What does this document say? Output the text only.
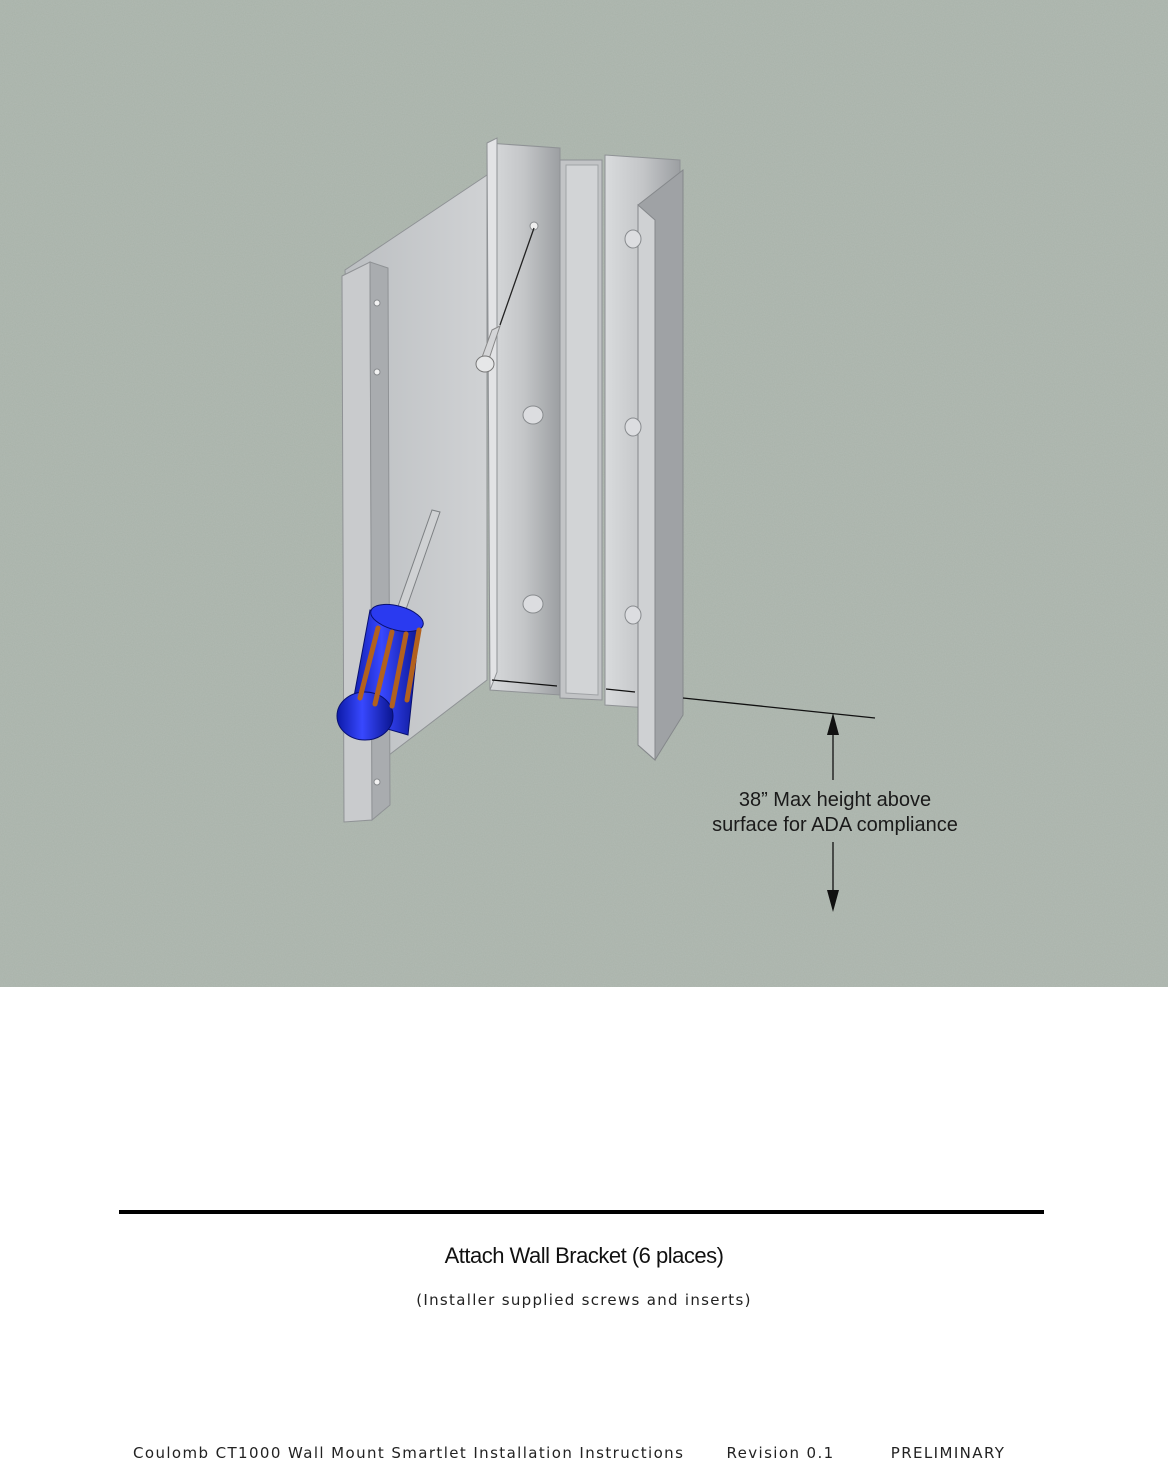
38” Max height above
surface for ADA compliance
Attach Wall Bracket (6 places)
(Installer supplied screws and inserts)
Coulomb CT1000 Wall Mount Smartlet Installation Instructions	Revision 0.1	PRELIMINARY
